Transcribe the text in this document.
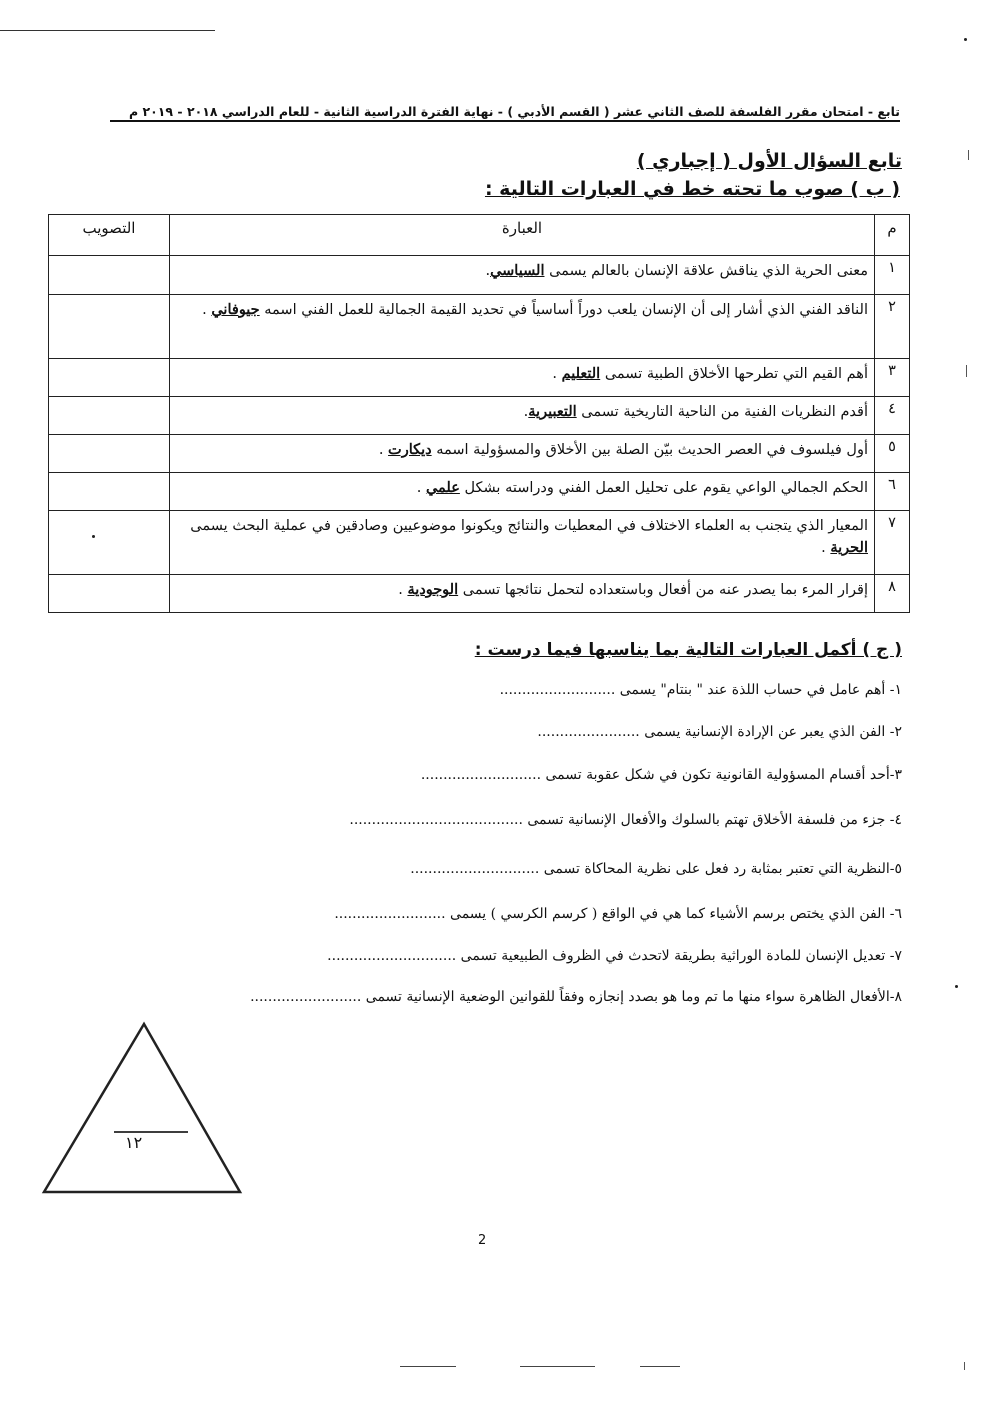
تابع - امتحان مقرر الفلسفة للصف الثاني عشر ( القسم الأدبي ) - نهاية الفترة الدراسية الثانية - للعام الدراسي ٢٠١٨ - ٢٠١٩ م
تابع السؤال الأول ( إجباري )
( ب ) صوب ما تحته خط في العبارات التالية :
م	العبارة	التصويب
١	معنى الحرية الذي يناقش علاقة الإنسان بالعالم يسمى السياسي.	
٢	الناقد الفني الذي أشار إلى أن الإنسان يلعب دوراً أساسياً في تحديد القيمة الجمالية للعمل الفني اسمه جيوفاني .	
٣	أهم القيم التي تطرحها الأخلاق الطبية تسمى التعليم .	
٤	أقدم النظريات الفنية من الناحية التاريخية تسمى التعبيرية.	
٥	أول فيلسوف في العصر الحديث بيّن الصلة بين الأخلاق والمسؤولية اسمه ديكارت .	
٦	الحكم الجمالي الواعي يقوم على تحليل العمل الفني ودراسته بشكل علمي .	
٧	المعيار الذي يتجنب به العلماء الاختلاف في المعطيات والنتائج ويكونوا موضوعيين وصادقين في عملية البحث يسمى الحرية .	
٨	إقرار المرء بما يصدر عنه من أفعال وباستعداده لتحمل نتائجها تسمى الوجودية .	
( ج ) أكمل العبارات التالية بما يناسبها فيما درست :
١- أهم عامل في حساب اللذة عند " بنتام" يسمى ..........................
٢- الفن الذي يعبر عن الإرادة الإنسانية يسمى .......................
٣-أحد أقسام المسؤولية القانونية تكون في شكل عقوبة تسمى ...........................
٤- جزء من فلسفة الأخلاق تهتم بالسلوك والأفعال الإنسانية تسمى .......................................
٥-النظرية التي تعتبر بمثابة رد فعل على نظرية المحاكاة تسمى .............................
٦- الفن الذي يختص برسم الأشياء كما هي في الواقع ( كرسم الكرسي ) يسمى .........................
٧- تعديل الإنسان للمادة الوراثية بطريقة لاتحدث في الظروف الطبيعية تسمى .............................
٨-الأفعال الظاهرة سواء منها ما تم وما هو بصدد إنجازه وفقاً للقوانين الوضعية الإنسانية تسمى .........................
١٢
2
